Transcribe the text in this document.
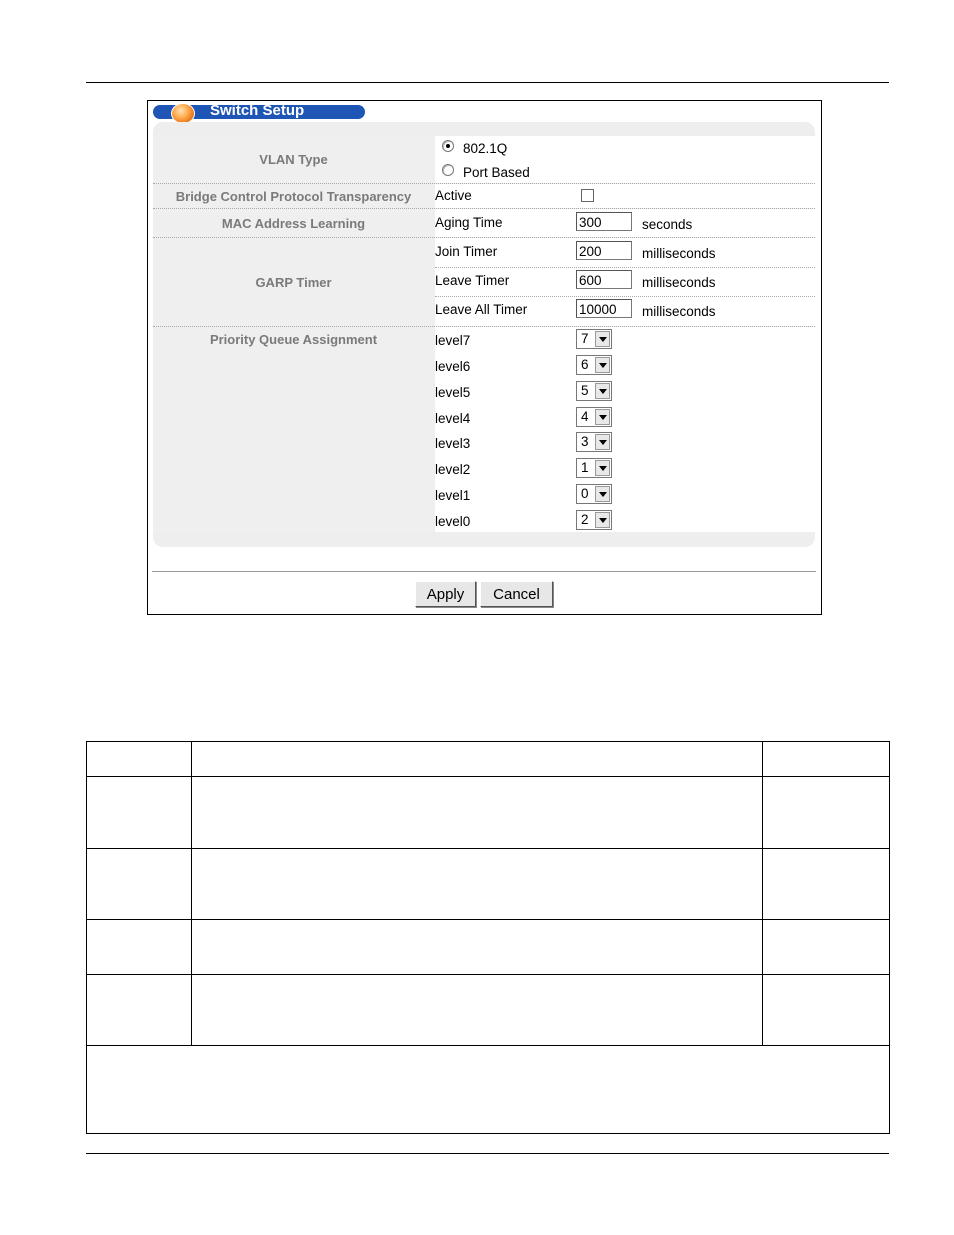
Switch Setup
VLAN Type
802.1Q
Port Based
Bridge Control Protocol Transparency	Active
MAC Address Learning	Aging Time	300	seconds
GARP Timer
Join Timer	200	milliseconds
Leave Timer	600	milliseconds
Leave All Timer	10000	milliseconds
Priority Queue Assignment	level7	7
level6	6
level5	5
level4	4
level3	3
level2	1
level1	0
level0	2
Apply	Cancel
